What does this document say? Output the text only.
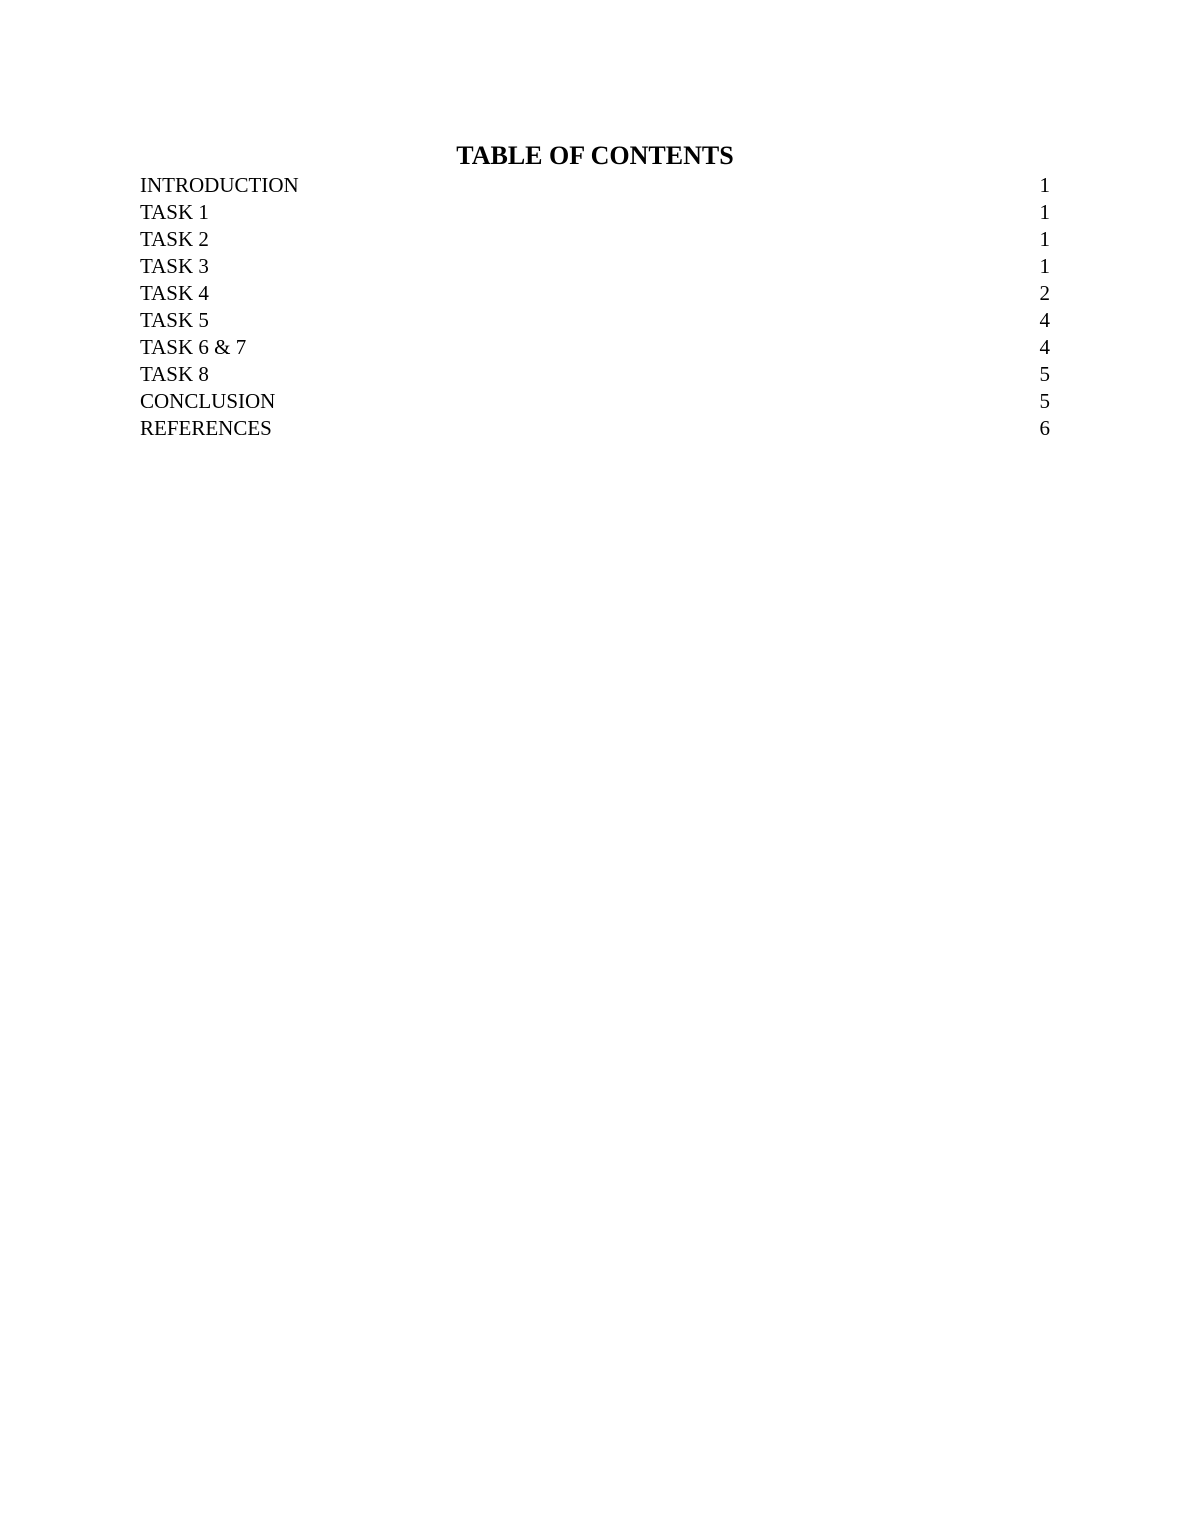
TABLE OF CONTENTS
INTRODUCTION	1
TASK 1	1
TASK 2	1
TASK 3	1
TASK 4	2
TASK 5	4
TASK 6 & 7	4
TASK 8	5
CONCLUSION	5
REFERENCES	6
